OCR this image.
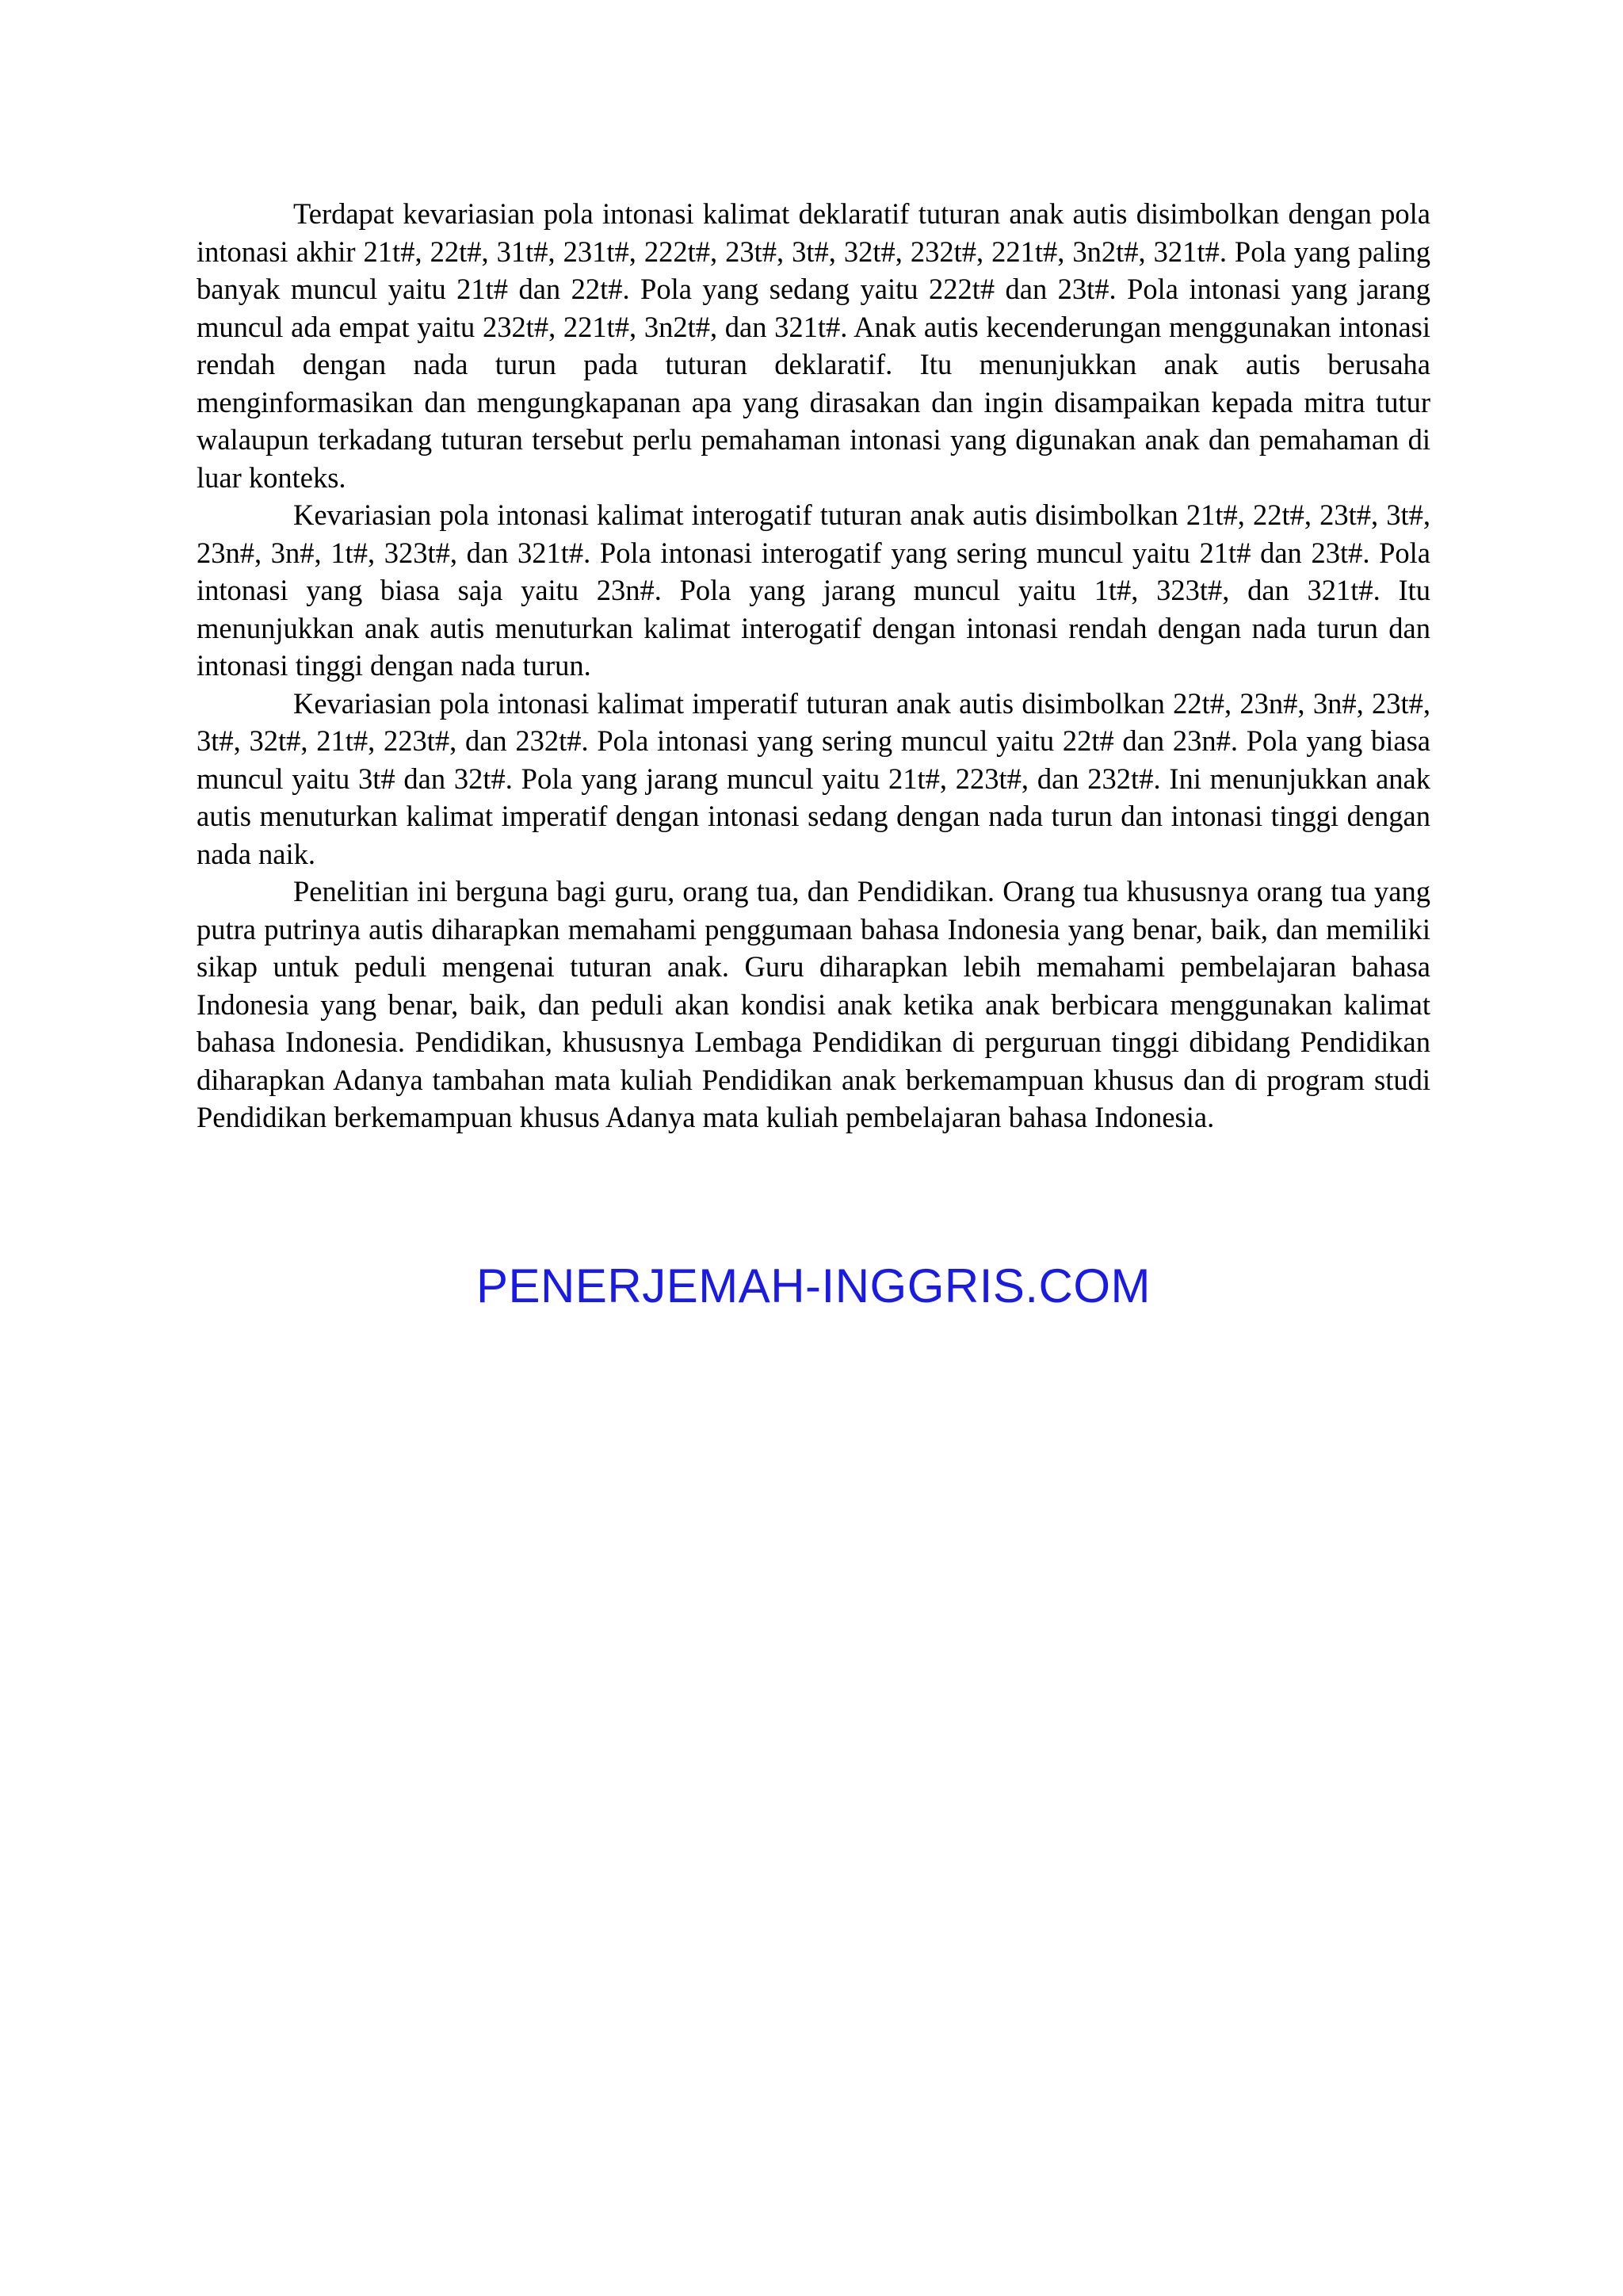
Terdapat kevariasian pola intonasi kalimat deklaratif tuturan anak autis disimbolkan dengan pola intonasi akhir 21t#, 22t#, 31t#, 231t#, 222t#, 23t#, 3t#, 32t#, 232t#, 221t#, 3n2t#, 321t#. Pola yang paling banyak muncul yaitu 21t# dan 22t#. Pola yang sedang yaitu 222t# dan 23t#. Pola intonasi yang jarang muncul ada empat yaitu 232t#, 221t#, 3n2t#, dan 321t#. Anak autis kecenderungan menggunakan intonasi rendah dengan nada turun pada tuturan deklaratif. Itu menunjukkan anak autis berusaha menginformasikan dan mengungkapanan apa yang dirasakan dan ingin disampaikan kepada mitra tutur walaupun terkadang tuturan tersebut perlu pemahaman intonasi yang digunakan anak dan pemahaman di luar konteks.

Kevariasian pola intonasi kalimat interogatif tuturan anak autis disimbolkan 21t#, 22t#, 23t#, 3t#, 23n#, 3n#, 1t#, 323t#, dan 321t#. Pola intonasi interogatif yang sering muncul yaitu 21t# dan 23t#. Pola intonasi yang biasa saja yaitu 23n#. Pola yang jarang muncul yaitu 1t#, 323t#, dan 321t#. Itu menunjukkan anak autis menuturkan kalimat interogatif dengan intonasi rendah dengan nada turun dan intonasi tinggi dengan nada turun.

Kevariasian pola intonasi kalimat imperatif tuturan anak autis disimbolkan 22t#, 23n#, 3n#, 23t#, 3t#, 32t#, 21t#, 223t#, dan 232t#. Pola intonasi yang sering muncul yaitu 22t# dan 23n#. Pola yang biasa muncul yaitu 3t# dan 32t#. Pola yang jarang muncul yaitu 21t#, 223t#, dan 232t#. Ini menunjukkan anak autis menuturkan kalimat imperatif dengan intonasi sedang dengan nada turun dan intonasi tinggi dengan nada naik.

Penelitian ini berguna bagi guru, orang tua, dan Pendidikan. Orang tua khususnya orang tua yang putra putrinya autis diharapkan memahami penggumaan bahasa Indonesia yang benar, baik, dan memiliki sikap untuk peduli mengenai tuturan anak. Guru diharapkan lebih memahami pembelajaran bahasa Indonesia yang benar, baik, dan peduli akan kondisi anak ketika anak berbicara menggunakan kalimat bahasa Indonesia. Pendidikan, khususnya Lembaga Pendidikan di perguruan tinggi dibidang Pendidikan diharapkan Adanya tambahan mata kuliah Pendidikan anak berkemampuan khusus dan di program studi Pendidikan berkemampuan khusus Adanya mata kuliah pembelajaran bahasa Indonesia.

PENERJEMAH-INGGRIS.COM
